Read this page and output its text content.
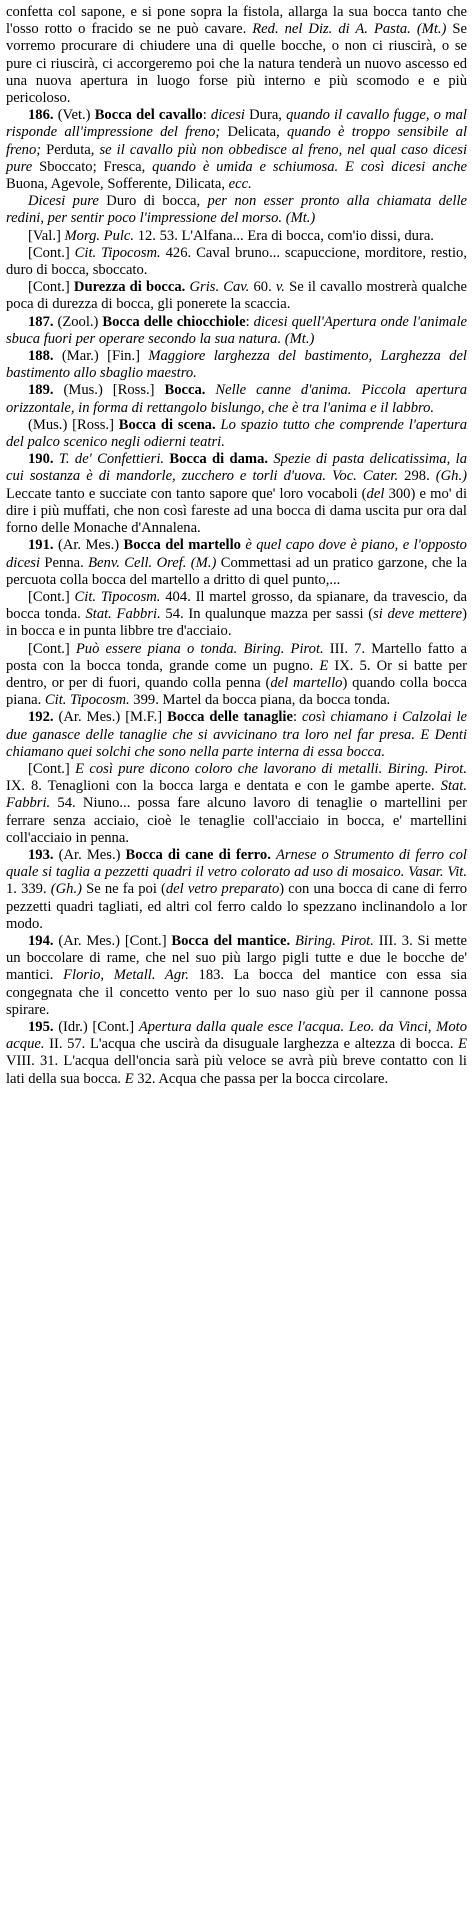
confetta col sapone, e si pone sopra la fistola, allarga la sua bocca tanto che l'osso rotto o fracido se ne può cavare. Red. nel Diz. di A. Pasta. (Mt.) Se vorremo procurare di chiudere una di quelle bocche, o non ci riuscirà, o se pure ci riuscirà, ci accorgeremo poi che la natura tenderà un nuovo ascesso ed una nuova apertura in luogo forse più interno e più scomodo e e più pericoloso.

186. (Vet.) Bocca del cavallo: dicesi Dura, quando il cavallo fugge, o mal risponde all'impressione del freno; Delicata, quando è troppo sensibile al freno; Perduta, se il cavallo più non obbedisce al freno, nel qual caso dicesi pure Sboccato; Fresca, quando è umida e schiumosa. E così dicesi anche Buona, Agevole, Sofferente, Dilicata, ecc.

Dicesi pure Duro di bocca, per non esser pronto alla chiamata delle redini, per sentir poco l'impressione del morso. (Mt.)

[Val.] Morg. Pulc. 12. 53. L'Alfana... Era di bocca, com'io dissi, dura.

[Cont.] Cit. Tipocosm. 426. Caval bruno... scapuccione, morditore, restio, duro di bocca, sboccato.

[Cont.] Durezza di bocca. Gris. Cav. 60. v. Se il cavallo mostrerà qualche poca di durezza di bocca, gli ponerete la scaccia.

187. (Zool.) Bocca delle chiocchiole: dicesi quell'Apertura onde l'animale sbuca fuori per operare secondo la sua natura. (Mt.)

188. (Mar.) [Fin.] Maggiore larghezza del bastimento, Larghezza del bastimento allo sbaglio maestro.

189. (Mus.) [Ross.] Bocca. Nelle canne d'anima. Piccola apertura orizzontale, in forma di rettangolo bislungo, che è tra l'anima e il labbro.

(Mus.) [Ross.] Bocca di scena. Lo spazio tutto che comprende l'apertura del palco scenico negli odierni teatri.

190. T. de' Confettieri. Bocca di dama. Spezie di pasta delicatissima, la cui sostanza è di mandorle, zucchero e torli d'uova. Voc. Cater. 298. (Gh.) Leccate tanto e succiate con tanto sapore que' loro vocaboli (del 300) e mo' di dire i più muffati, che non così fareste ad una bocca di dama uscita pur ora dal forno delle Monache d'Annalena.

191. (Ar. Mes.) Bocca del martello è quel capo dove è piano, e l'opposto dicesi Penna. Benv. Cell. Oref. (M.) Commettasi ad un pratico garzone, che la percuota colla bocca del martello a dritto di quel punto,...

[Cont.] Cit. Tipocosm. 404. Il martel grosso, da spianare, da travescio, da bocca tonda. Stat. Fabbri. 54. In qualunque mazza per sassi (si deve mettere) in bocca e in punta libbre tre d'acciaio.

[Cont.] Può essere piana o tonda. Biring. Pirot. III. 7. Martello fatto a posta con la bocca tonda, grande come un pugno. E IX. 5. Or si batte per dentro, or per di fuori, quando colla penna (del martello) quando colla bocca piana. Cit. Tipocosm. 399. Martel da bocca piana, da bocca tonda.

192. (Ar. Mes.) [M.F.] Bocca delle tanaglie: così chiamano i Calzolai le due ganasce delle tanaglie che si avvicinano tra loro nel far presa. E Denti chiamano quei solchi che sono nella parte interna di essa bocca.

[Cont.] E così pure dicono coloro che lavorano di metalli. Biring. Pirot. IX. 8. Tenaglioni con la bocca larga e dentata e con le gambe aperte. Stat. Fabbri. 54. Niuno... possa fare alcuno lavoro di tenaglie o martellini per ferrare senza acciaio, cioè le tenaglie coll'acciaio in bocca, e' martellini coll'acciaio in penna.

193. (Ar. Mes.) Bocca di cane di ferro. Arnese o Strumento di ferro col quale si taglia a pezzetti quadri il vetro colorato ad uso di mosaico. Vasar. Vit. 1. 339. (Gh.) Se ne fa poi (del vetro preparato) con una bocca di cane di ferro pezzetti quadri tagliati, ed altri col ferro caldo lo spezzano inclinandolo a lor modo.

194. (Ar. Mes.) [Cont.] Bocca del mantice. Biring. Pirot. III. 3. Si mette un boccolare di rame, che nel suo più largo pigli tutte e due le bocche de' mantici. Florio, Metall. Agr. 183. La bocca del mantice con essa sia congegnata che il concetto vento per lo suo naso giù per il cannone possa spirare.

195. (Idr.) [Cont.] Apertura dalla quale esce l'acqua. Leo. da Vinci, Moto acque. II. 57. L'acqua che uscirà da disuguale larghezza e altezza di bocca. E VIII. 31. L'acqua dell'oncia sarà più veloce se avrà più breve contatto con li lati della sua bocca. E 32. Acqua che passa per la bocca circolare.
